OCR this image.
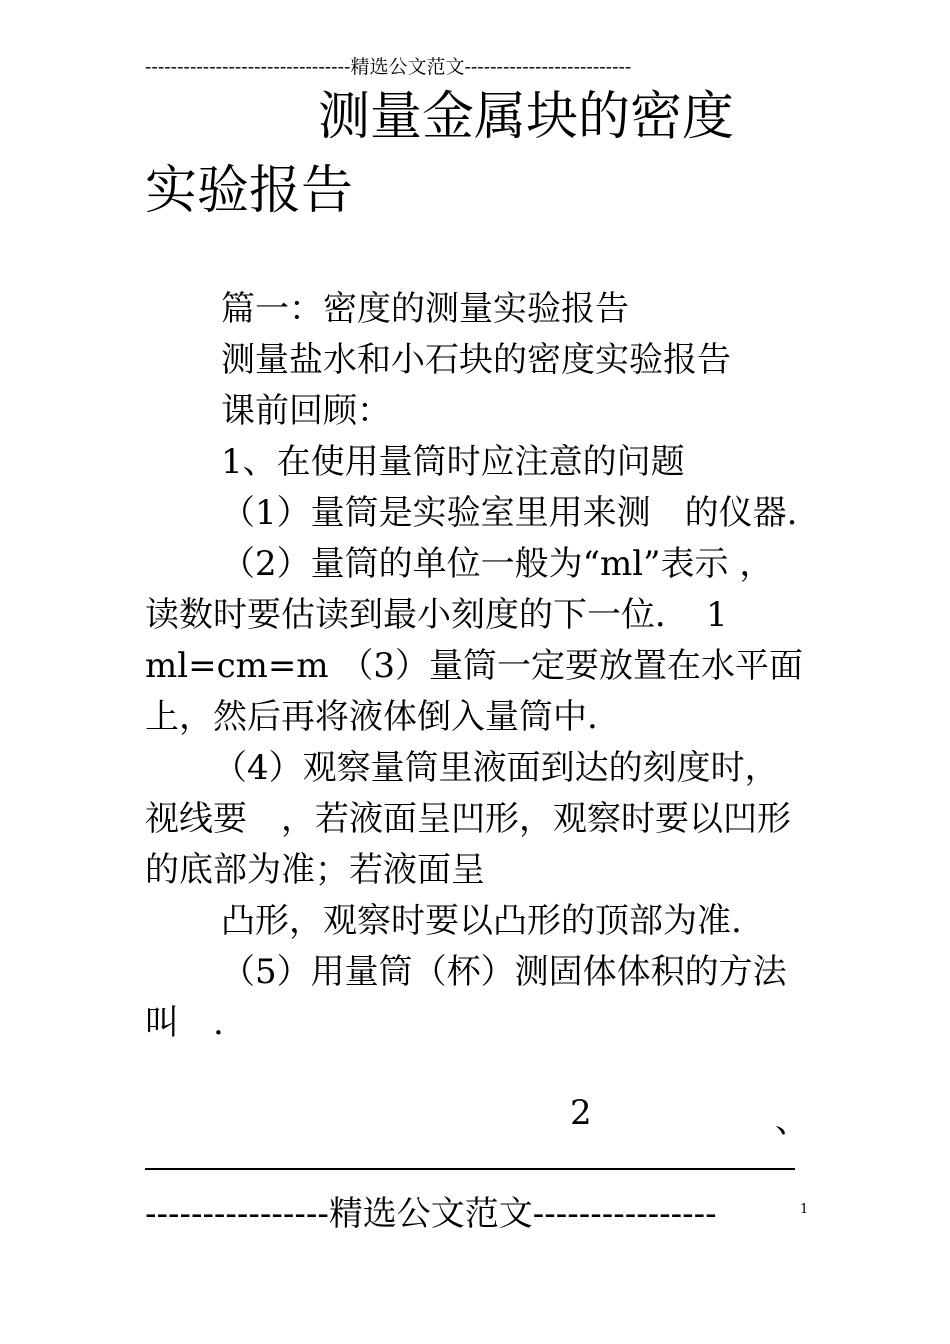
--------------------------------精选公文范文--------------------------
测量金属块的密度
实验报告

篇一：密度的测量实验报告

测量盐水和小石块的密度实验报告

课前回顾：

1、在使用量筒时应注意的问题

（1）量筒是实验室里用来测　的仪器.

（2）量筒的单位一般为“ml”表示 ，读数时要估读到最小刻度的下一位．　1 ml=cm=m （3）量筒一定要放置在水平面上，然后再将液体倒入量筒中.

（4）观察量筒里液面到达的刻度时，视线要　，若液面呈凹形，观察时要以凹形的底部为准；若液面呈

凸形，观察时要以凸形的顶部为准.

（5）用量筒（杯）测固体体积的方法叫　.

2	、
----------------精选公文范文----------------	1
